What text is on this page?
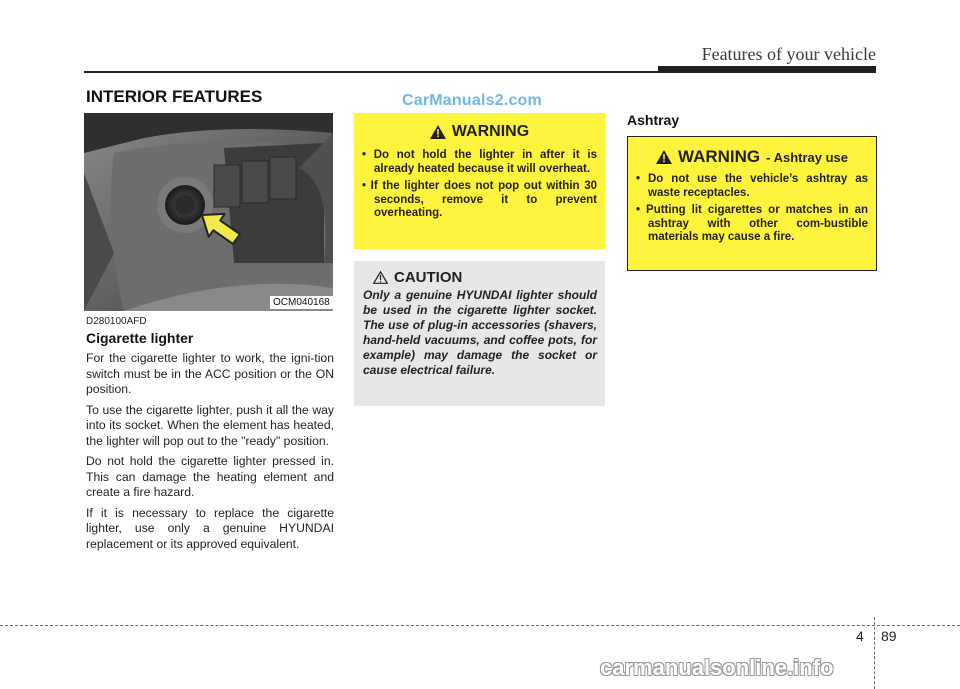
Features of your vehicle
INTERIOR FEATURES	CarManuals2.com
OCM040168
D280100AFD
Cigarette lighter

For the cigarette lighter to work, the igni-tion switch must be in the ACC position or the ON position.

To use the cigarette lighter, push it all the way into its socket. When the element has heated, the lighter will pop out to the "ready" position.

Do not hold the cigarette lighter pressed in. This can damage the heating element and create a fire hazard.

If it is necessary to replace the cigarette lighter, use only a genuine HYUNDAI replacement or its approved equivalent.

WARNING
• Do not hold the lighter in after it is already heated because it will overheat.
• If the lighter does not pop out within 30 seconds, remove it to prevent overheating.
CAUTION
Only a genuine HYUNDAI lighter should be used in the cigarette lighter socket. The use of plug-in accessories (shavers, hand-held vacuums, and coffee pots, for example) may damage the socket or cause electrical failure.
Ashtray
WARNING - Ashtray use
• Do not use the vehicle’s ashtray as waste receptacles.
• Putting lit cigarettes or matches in an ashtray with other com-bustible materials may cause a fire.
4 89
carmanualsonline.info
